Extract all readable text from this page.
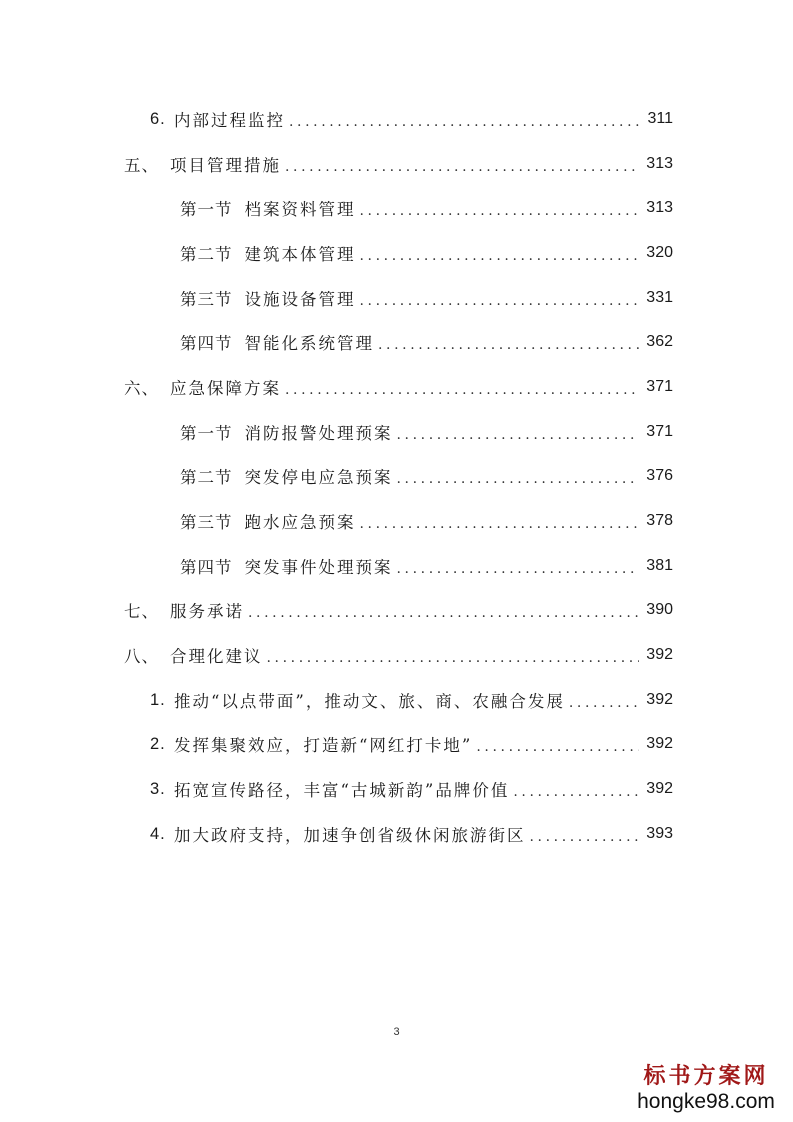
6. 内部过程监控 .....	311
五、 项目管理措施 .....	313
第一节 档案资料管理 .....	313
第二节 建筑本体管理 .....	320
第三节 设施设备管理 .....	331
第四节 智能化系统管理 .....	362
六、 应急保障方案 .....	371
第一节 消防报警处理预案 .....	371
第二节 突发停电应急预案 .....	376
第三节 跑水应急预案 .....	378
第四节 突发事件处理预案 .....	381
七、 服务承诺 .....	390
八、 合理化建议 .....	392
1. 推动“以点带面”，推动文、旅、商、农融合发展 .....	392
2. 发挥集聚效应，打造新“网红打卡地” .....	392
3. 拓宽宣传路径，丰富“古城新韵”品牌价值 .....	392
4. 加大政府支持，加速争创省级休闲旅游街区 .....	393
3
标书方案网
hongke98.com
